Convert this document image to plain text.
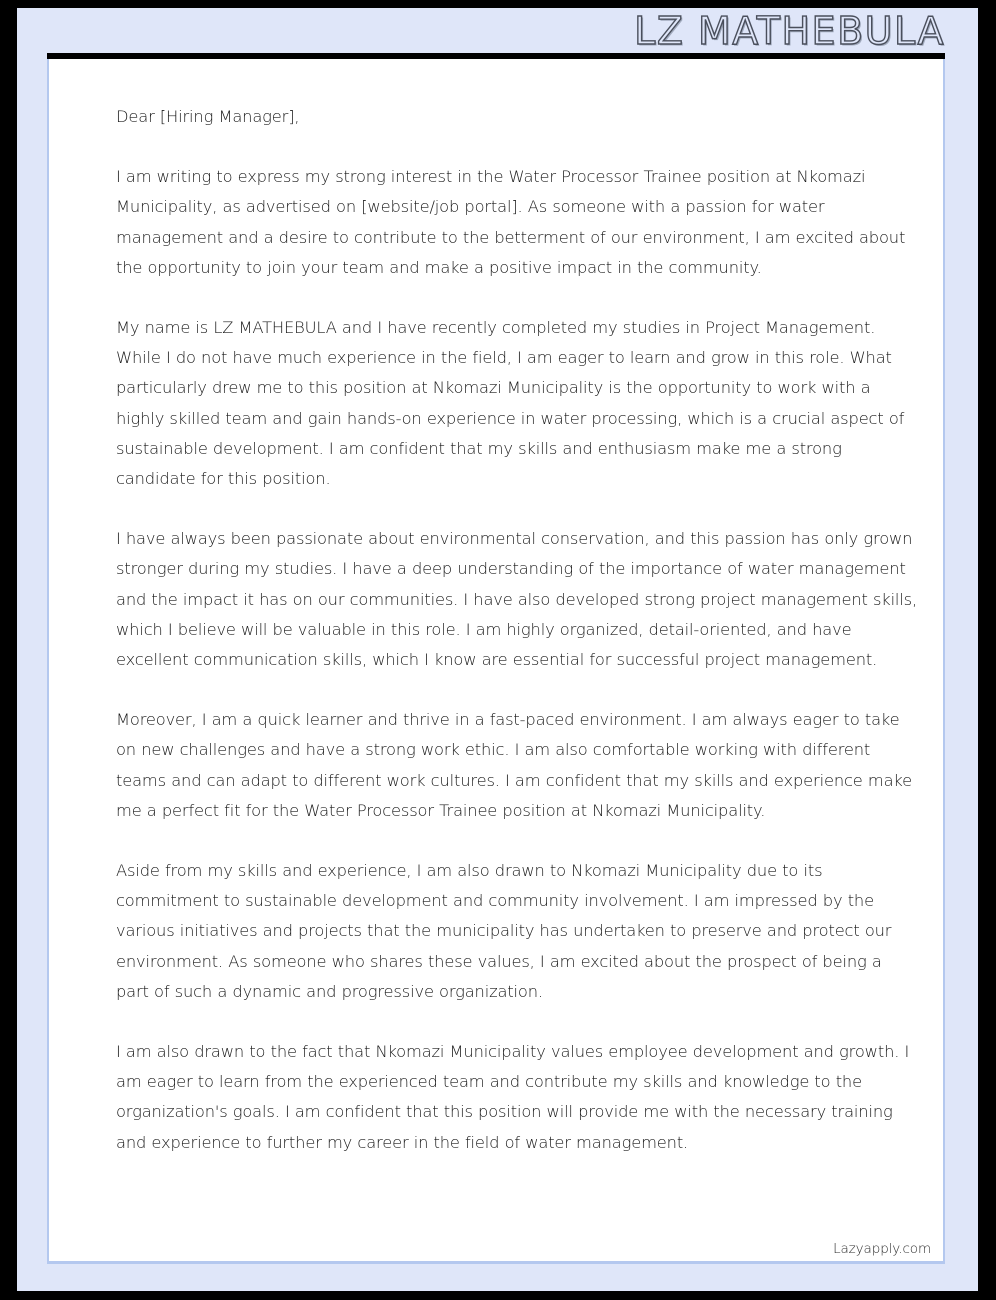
LZ MATHEBULA

Dear [Hiring Manager],

I am writing to express my strong interest in the Water Processor Trainee position at Nkomazi Municipality, as advertised on [website/job portal]. As someone with a passion for water management and a desire to contribute to the betterment of our environment, I am excited about the opportunity to join your team and make a positive impact in the community.

My name is LZ MATHEBULA and I have recently completed my studies in Project Management. While I do not have much experience in the field, I am eager to learn and grow in this role. What particularly drew me to this position at Nkomazi Municipality is the opportunity to work with a highly skilled team and gain hands-on experience in water processing, which is a crucial aspect of sustainable development. I am confident that my skills and enthusiasm make me a strong candidate for this position.

I have always been passionate about environmental conservation, and this passion has only grown stronger during my studies. I have a deep understanding of the importance of water management and the impact it has on our communities. I have also developed strong project management skills, which I believe will be valuable in this role. I am highly organized, detail-oriented, and have excellent communication skills, which I know are essential for successful project management.

Moreover, I am a quick learner and thrive in a fast-paced environment. I am always eager to take on new challenges and have a strong work ethic. I am also comfortable working with different teams and can adapt to different work cultures. I am confident that my skills and experience make me a perfect fit for the Water Processor Trainee position at Nkomazi Municipality.

Aside from my skills and experience, I am also drawn to Nkomazi Municipality due to its commitment to sustainable development and community involvement. I am impressed by the various initiatives and projects that the municipality has undertaken to preserve and protect our environment. As someone who shares these values, I am excited about the prospect of being a part of such a dynamic and progressive organization.

I am also drawn to the fact that Nkomazi Municipality values employee development and growth. I am eager to learn from the experienced team and contribute my skills and knowledge to the organization's goals. I am confident that this position will provide me with the necessary training and experience to further my career in the field of water management.

Lazyapply.com
